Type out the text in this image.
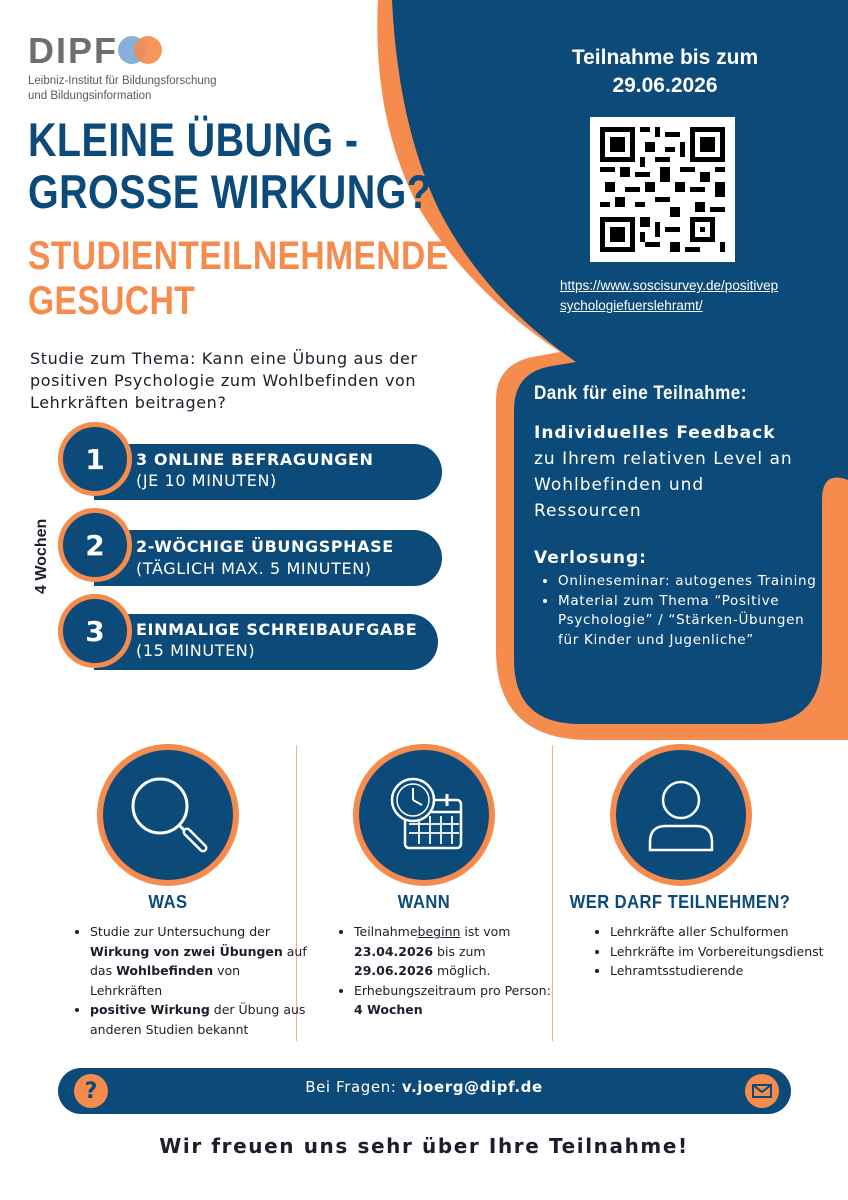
DIPF
Leibniz-Institut für Bildungsforschung
und Bildungsinformation
KLEINE ÜBUNG -
GROSSE WIRKUNG?
STUDIENTEILNEHMENDE
GESUCHT
Studie zum Thema: Kann eine Übung aus der positiven Psychologie zum Wohlbefinden von Lehrkräften beitragen?
4 Wochen
1	3 ONLINE BEFRAGUNGEN
(JE 10 MINUTEN)
2	2-WÖCHIGE ÜBUNGSPHASE
(TÄGLICH MAX. 5 MINUTEN)
3	EINMALIGE SCHREIBAUFGABE
(15 MINUTEN)
Teilnahme bis zum
29.06.2026
https://www.soscisurvey.de/positivepsychologiefuerslehramt/
Dank für eine Teilnahme:
Individuelles Feedback
zu Ihrem relativen Level an Wohlbefinden und Ressourcen
Verlosung:
• Onlineseminar: autogenes Training
• Material zum Thema “Positive Psychologie” / “Stärken-Übungen für Kinder und Jugenliche”
WAS
• Studie zur Untersuchung der Wirkung von zwei Übungen auf das Wohlbefinden von Lehrkräften
• positive Wirkung der Übung aus anderen Studien bekannt
WANN
• Teilnahmebeginn ist vom 23.04.2026 bis zum 29.06.2026 möglich.
• Erhebungszeitraum pro Person: 4 Wochen
WER DARF TEILNEHMEN?
• Lehrkräfte aller Schulformen
• Lehrkräfte im Vorbereitungsdienst
• Lehramtsstudierende
?	Bei Fragen: v.joerg@dipf.de
Wir freuen uns sehr über Ihre Teilnahme!
